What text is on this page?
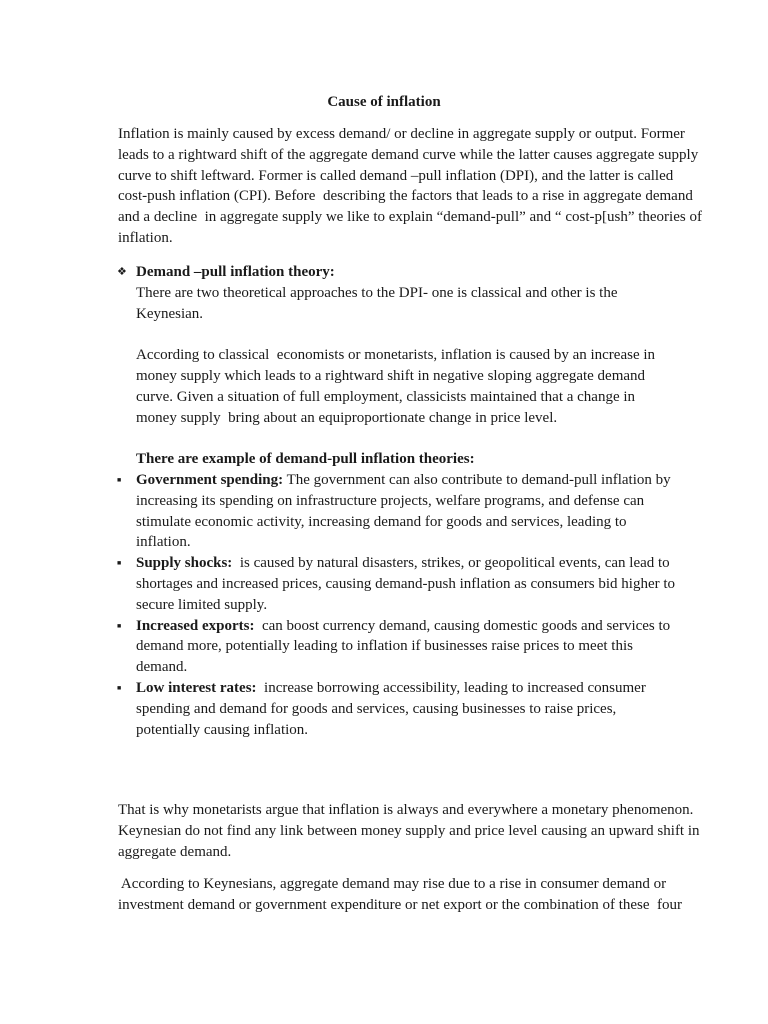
Cause of inflation
Inflation is mainly caused by excess demand/ or decline in aggregate supply or output. Former
leads to a rightward shift of the aggregate demand curve while the latter causes aggregate supply
curve to shift leftward. Former is called demand –pull inflation (DPI), and the latter is called
cost-push inflation (CPI). Before  describing the factors that leads to a rise in aggregate demand
and a decline  in aggregate supply we like to explain “demand-pull” and “ cost-p[ush” theories of
inflation.
❖ Demand –pull inflation theory:
There are two theoretical approaches to the DPI- one is classical and other is the
Keynesian.
According to classical  economists or monetarists, inflation is caused by an increase in
money supply which leads to a rightward shift in negative sloping aggregate demand
curve. Given a situation of full employment, classicists maintained that a change in
money supply  bring about an equiproportionate change in price level.
There are example of demand-pull inflation theories:
■ Government spending: The government can also contribute to demand-pull inflation by
increasing its spending on infrastructure projects, welfare programs, and defense can
stimulate economic activity, increasing demand for goods and services, leading to
inflation.
■ Supply shocks:  is caused by natural disasters, strikes, or geopolitical events, can lead to
shortages and increased prices, causing demand-push inflation as consumers bid higher to
secure limited supply.
■ Increased exports:  can boost currency demand, causing domestic goods and services to
demand more, potentially leading to inflation if businesses raise prices to meet this
demand.
■ Low interest rates:  increase borrowing accessibility, leading to increased consumer
spending and demand for goods and services, causing businesses to raise prices,
potentially causing inflation.
That is why monetarists argue that inflation is always and everywhere a monetary phenomenon.
Keynesian do not find any link between money supply and price level causing an upward shift in
aggregate demand.
According to Keynesians, aggregate demand may rise due to a rise in consumer demand or
investment demand or government expenditure or net export or the combination of these  four
